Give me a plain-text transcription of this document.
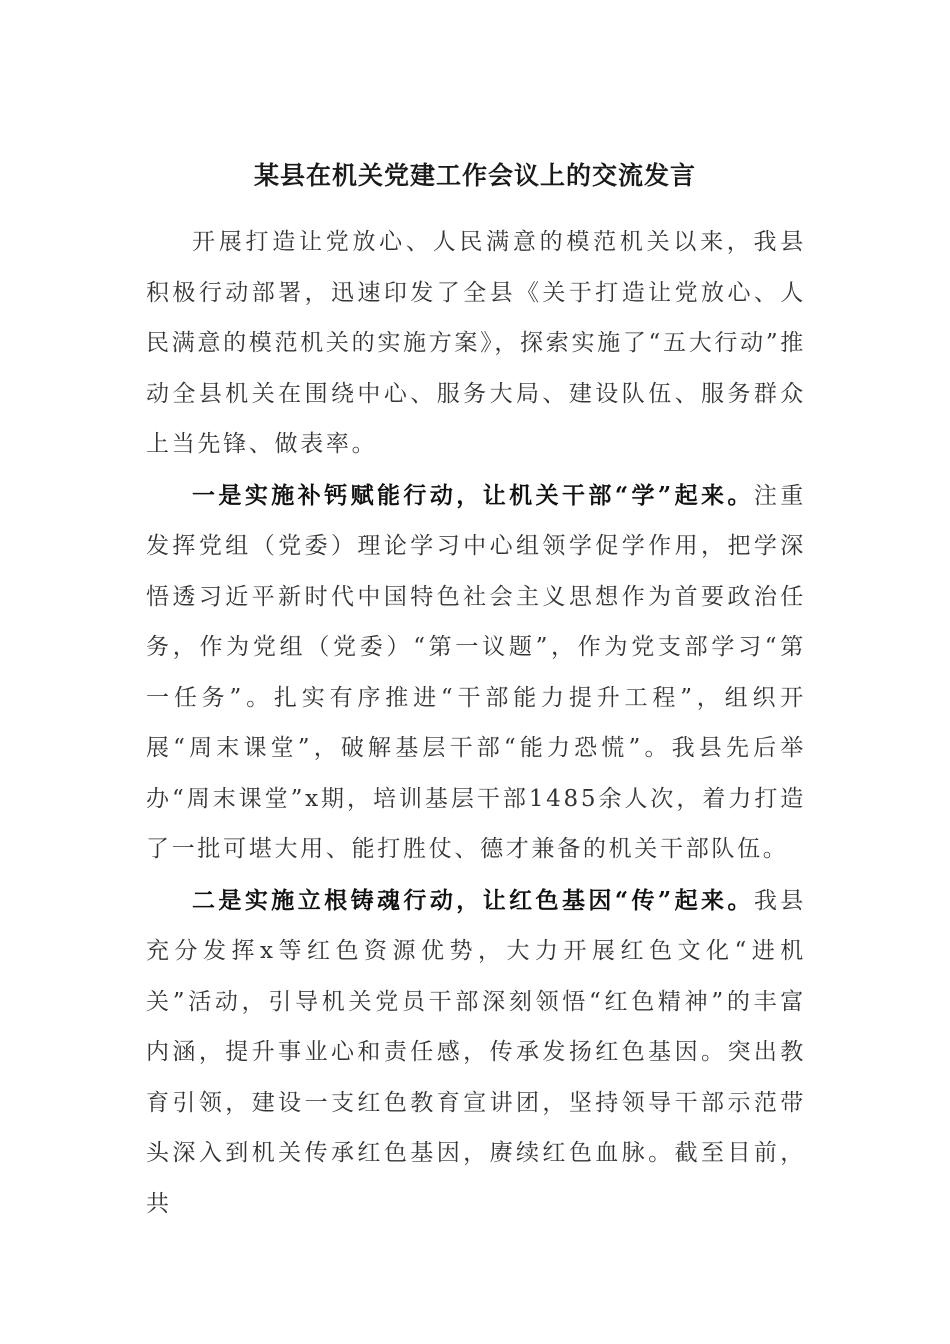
某县在机关党建工作会议上的交流发言

开展打造让党放心、人民满意的模范机关以来，我县积极行动部署，迅速印发了全县《关于打造让党放心、人民满意的模范机关的实施方案》，探索实施了“五大行动”推动全县机关在围绕中心、服务大局、建设队伍、服务群众上当先锋、做表率。

一是实施补钙赋能行动，让机关干部“学”起来。注重发挥党组（党委）理论学习中心组领学促学作用，把学深悟透习近平新时代中国特色社会主义思想作为首要政治任务，作为党组（党委）“第一议题”，作为党支部学习“第一任务”。扎实有序推进“干部能力提升工程”，组织开展“周末课堂”，破解基层干部“能力恐慌”。我县先后举办“周末课堂”x期，培训基层干部1485余人次，着力打造了一批可堪大用、能打胜仗、德才兼备的机关干部队伍。

二是实施立根铸魂行动，让红色基因“传”起来。我县充分发挥x等红色资源优势，大力开展红色文化“进机关”活动，引导机关党员干部深刻领悟“红色精神”的丰富内涵，提升事业心和责任感，传承发扬红色基因。突出教育引领，建设一支红色教育宣讲团，坚持领导干部示范带头深入到机关传承红色基因，赓续红色血脉。截至目前，共
